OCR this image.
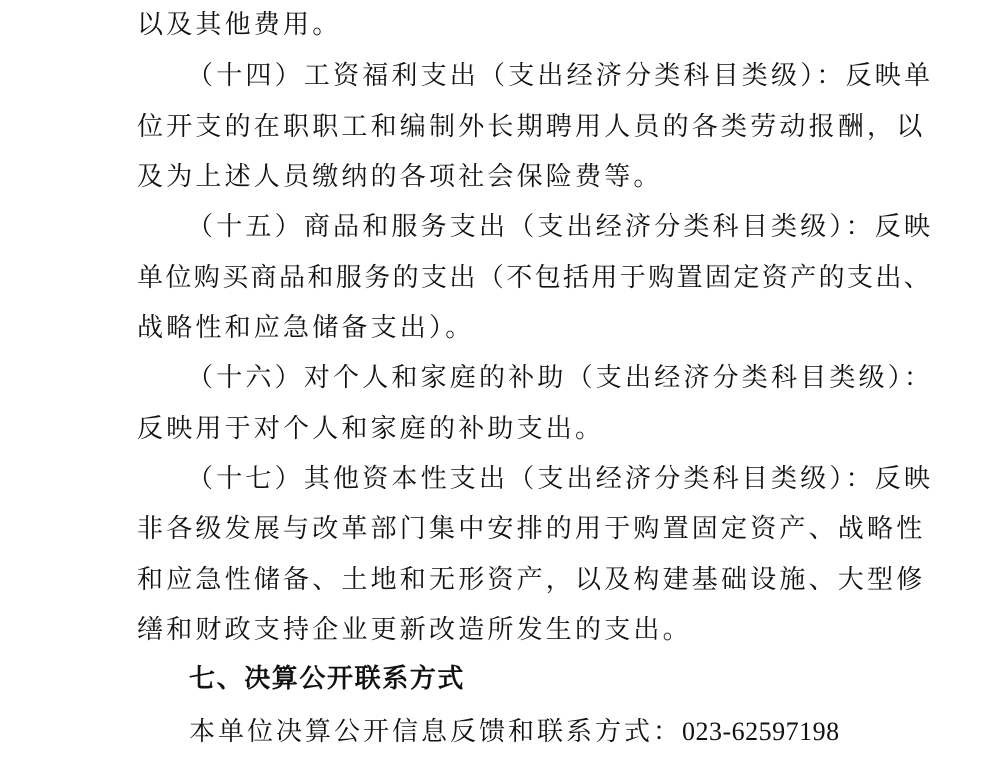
以及其他费用。

（十四）工资福利支出（支出经济分类科目类级）：反映单

位开支的在职职工和编制外长期聘用人员的各类劳动报酬，以

及为上述人员缴纳的各项社会保险费等。

（十五）商品和服务支出（支出经济分类科目类级）：反映

单位购买商品和服务的支出（不包括用于购置固定资产的支出、

战略性和应急储备支出）。

（十六）对个人和家庭的补助（支出经济分类科目类级）：

反映用于对个人和家庭的补助支出。

（十七）其他资本性支出（支出经济分类科目类级）：反映

非各级发展与改革部门集中安排的用于购置固定资产、战略性

和应急性储备、土地和无形资产，以及构建基础设施、大型修

缮和财政支持企业更新改造所发生的支出。

七、决算公开联系方式

本单位决算公开信息反馈和联系方式：023-62597198
